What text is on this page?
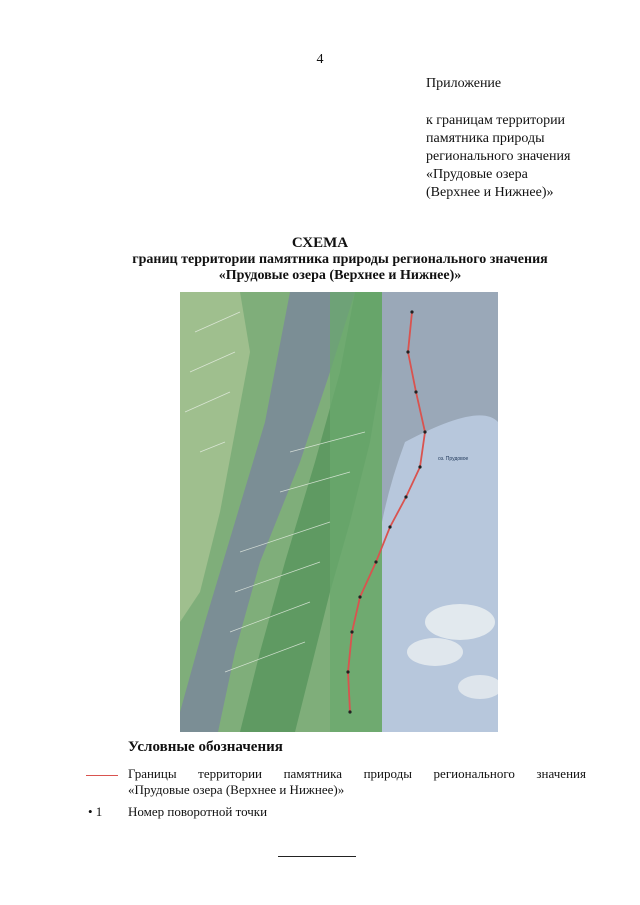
4
Приложение
к границам территории
памятника природы
регионального значения
«Прудовые озера
(Верхнее и Нижнее)»
СХЕМА
границ территории памятника природы регионального значения
«Прудовые озера (Верхнее и Нижнее)»
оз. Прудовое
Условные обозначения
Границы территории памятника природы регионального значения
«Прудовые озера (Верхнее и Нижнее)»
• 1 Номер поворотной точки
